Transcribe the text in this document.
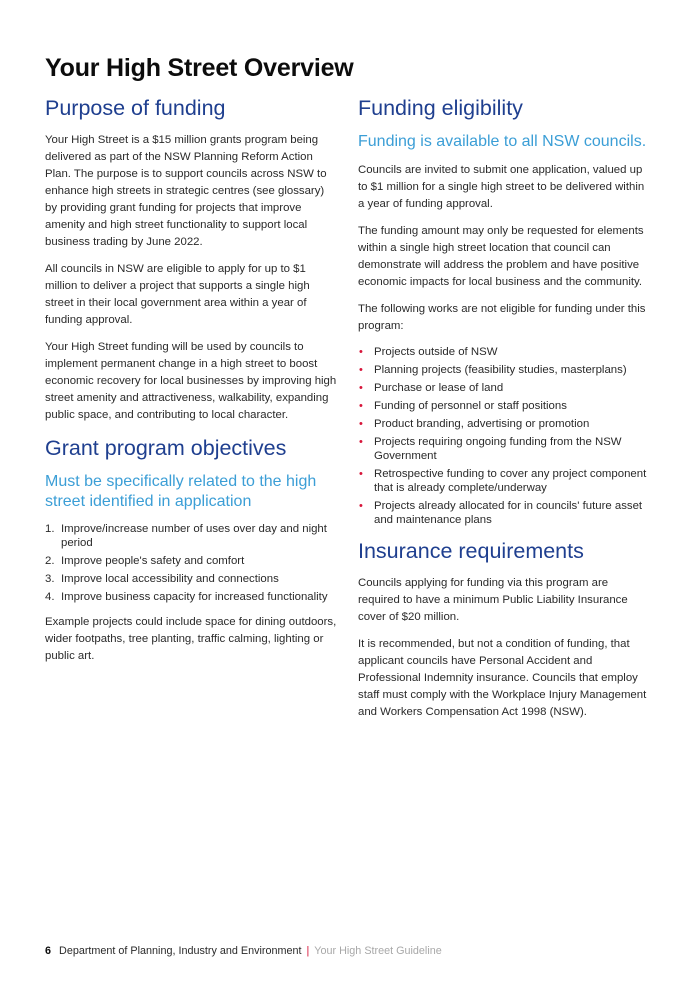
Your High Street Overview
Purpose of funding

Your High Street is a $15 million grants program being delivered as part of the NSW Planning Reform Action Plan. The purpose is to support councils across NSW to enhance high streets in strategic centres (see glossary) by providing grant funding for projects that improve amenity and high street functionality to support local business trading by June 2022.

All councils in NSW are eligible to apply for up to $1 million to deliver a project that supports a single high street in their local government area within a year of funding approval.

Your High Street funding will be used by councils to implement permanent change in a high street to boost economic recovery for local businesses by improving high street amenity and attractiveness, walkability, expanding public space, and contributing to local character.

Grant program objectives
Must be specifically related to the high street identified in application
1. Improve/increase number of uses over day and night period
2. Improve people's safety and comfort
3. Improve local accessibility and connections
4. Improve business capacity for increased functionality

Example projects could include space for dining outdoors, wider footpaths, tree planting, traffic calming, lighting or public art.

Funding eligibility
Funding is available to all NSW councils.

Councils are invited to submit one application, valued up to $1 million for a single high street to be delivered within a year of funding approval.

The funding amount may only be requested for elements within a single high street location that council can demonstrate will address the problem and have positive economic impacts for local business and the community.

The following works are not eligible for funding under this program:

• Projects outside of NSW
• Planning projects (feasibility studies, masterplans)
• Purchase or lease of land
• Funding of personnel or staff positions
• Product branding, advertising or promotion
• Projects requiring ongoing funding from the NSW Government
• Retrospective funding to cover any project component that is already complete/underway
• Projects already allocated for in councils' future asset and maintenance plans
Insurance requirements

Councils applying for funding via this program are required to have a minimum Public Liability Insurance cover of $20 million.

It is recommended, but not a condition of funding, that applicant councils have Personal Accident and Professional Indemnity insurance. Councils that employ staff must comply with the Workplace Injury Management and Workers Compensation Act 1998 (NSW).

6 Department of Planning, Industry and Environment | Your High Street Guideline
